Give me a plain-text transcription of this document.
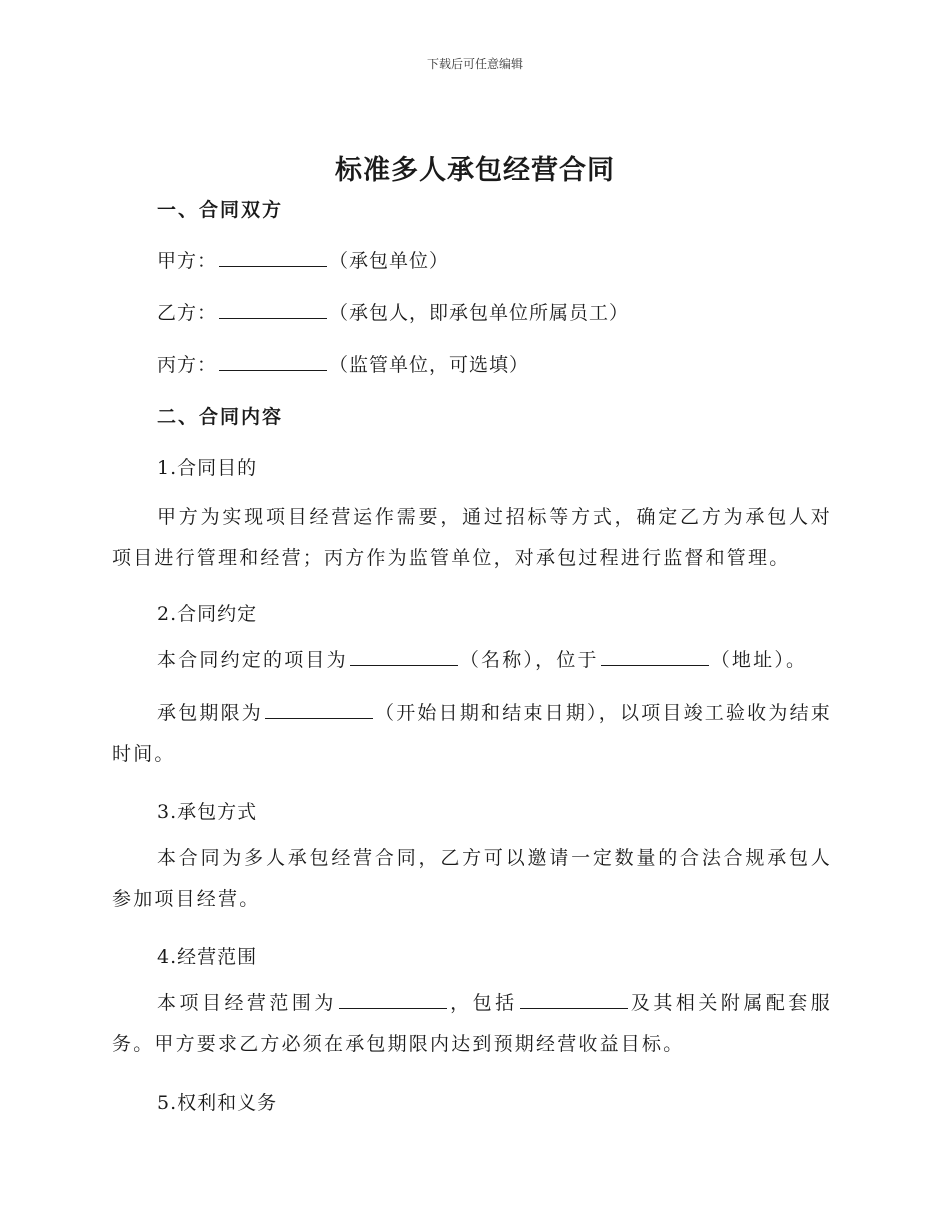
下载后可任意编辑
标准多人承包经营合同
一、合同双方
甲方：	（承包单位）
乙方：	（承包人，即承包单位所属员工）
丙方：	（监管单位，可选填）
二、合同内容
1.合同目的
甲方为实现项目经营运作需要，通过招标等方式，确定乙方为承包人对项目进行管理和经营；丙方作为监管单位，对承包过程进行监督和管理。
2.合同约定
本合同约定的项目为	（名称），位于	（地址）。
承包期限为	（开始日期和结束日期），以项目竣工验收为结束时间。
3.承包方式
本合同为多人承包经营合同，乙方可以邀请一定数量的合法合规承包人参加项目经营。
4.经营范围
本项目经营范围为	，包括	及其相关附属配套服务。甲方要求乙方必须在承包期限内达到预期经营收益目标。
5.权利和义务
